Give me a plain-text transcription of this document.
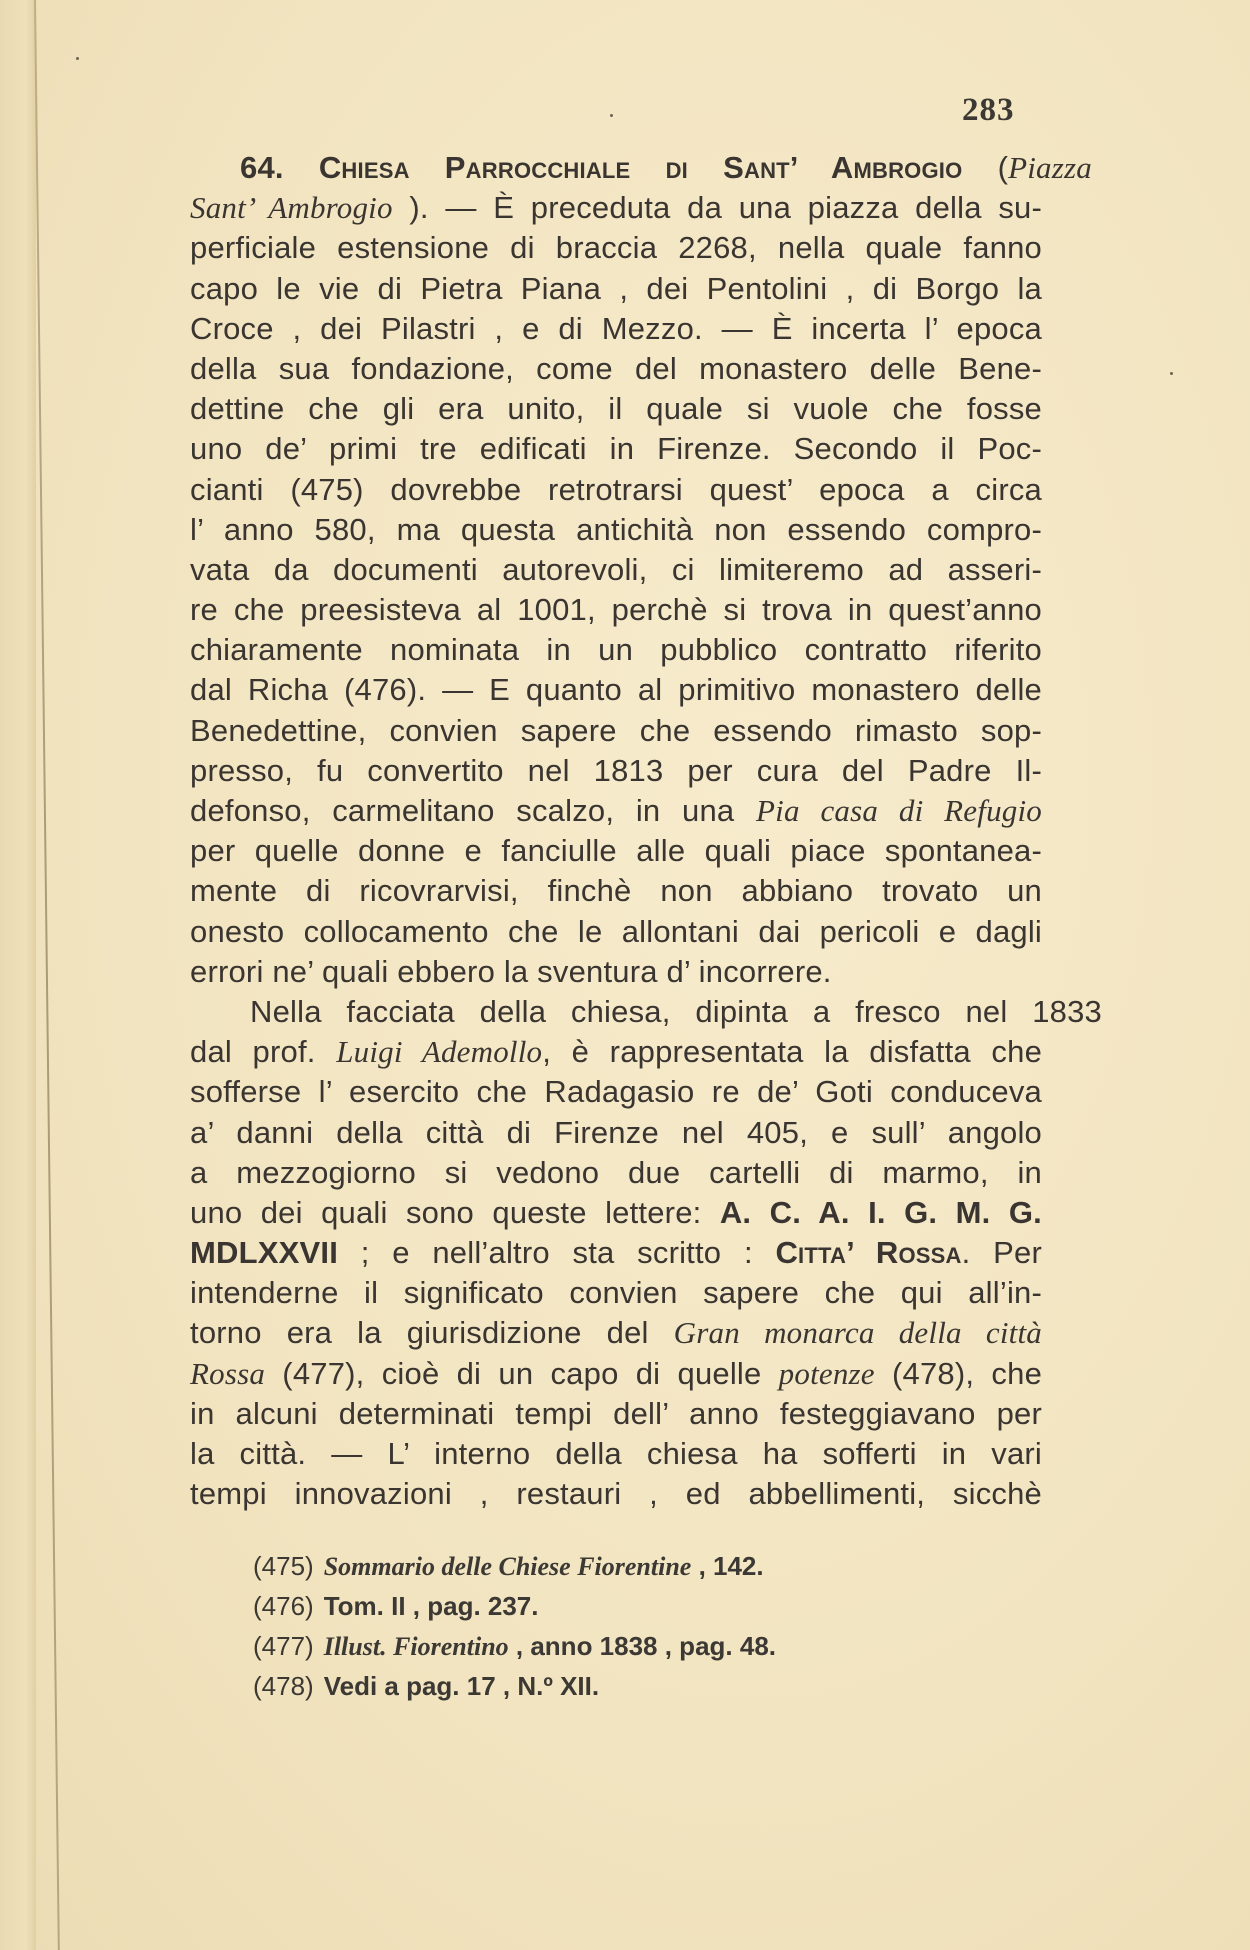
283
64. Chiesa Parrocchiale di Sant’ Ambrogio (Piazza
Sant’ Ambrogio ). — È preceduta da una piazza della su-
perficiale estensione di braccia 2268, nella quale fanno
capo le vie di Pietra Piana , dei Pentolini , di Borgo la
Croce , dei Pilastri , e di Mezzo. — È incerta l’ epoca
della sua fondazione, come del monastero delle Bene-
dettine che gli era unito, il quale si vuole che fosse
uno de’ primi tre edificati in Firenze. Secondo il Poc-
cianti (475) dovrebbe retrotrarsi quest’ epoca a circa
l’ anno 580, ma questa antichità non essendo compro-
vata da documenti autorevoli, ci limiteremo ad asseri-
re che preesisteva al 1001, perchè si trova in quest’anno
chiaramente nominata in un pubblico contratto riferito
dal Richa (476). — E quanto al primitivo monastero delle
Benedettine, convien sapere che essendo rimasto sop-
presso, fu convertito nel 1813 per cura del Padre Il-
defonso, carmelitano scalzo, in una Pia casa di Refugio
per quelle donne e fanciulle alle quali piace spontanea-
mente di ricovrarvisi, finchè non abbiano trovato un
onesto collocamento che le allontani dai pericoli e dagli
errori ne’ quali ebbero la sventura d’ incorrere.
Nella facciata della chiesa, dipinta a fresco nel 1833
dal prof. Luigi Ademollo, è rappresentata la disfatta che
sofferse l’ esercito che Radagasio re de’ Goti conduceva
a’ danni della città di Firenze nel 405, e sull’ angolo
a mezzogiorno si vedono due cartelli di marmo, in
uno dei quali sono queste lettere: A. C. A. I. G. M. G.
MDLXXVII ; e nell’altro sta scritto : Citta’ Rossa. Per
intenderne il significato convien sapere che qui all’in-
torno era la giurisdizione del Gran monarca della città
Rossa (477), cioè di un capo di quelle potenze (478), che
in alcuni determinati tempi dell’ anno festeggiavano per
la città. — L’ interno della chiesa ha sofferti in vari
tempi innovazioni , restauri , ed abbellimenti, sicchè
(475) Sommario delle Chiese Fiorentine , 142.
(476) Tom. II , pag. 237.
(477) Illust. Fiorentino , anno 1838 , pag. 48.
(478) Vedi a pag. 17 , N.º XII.
